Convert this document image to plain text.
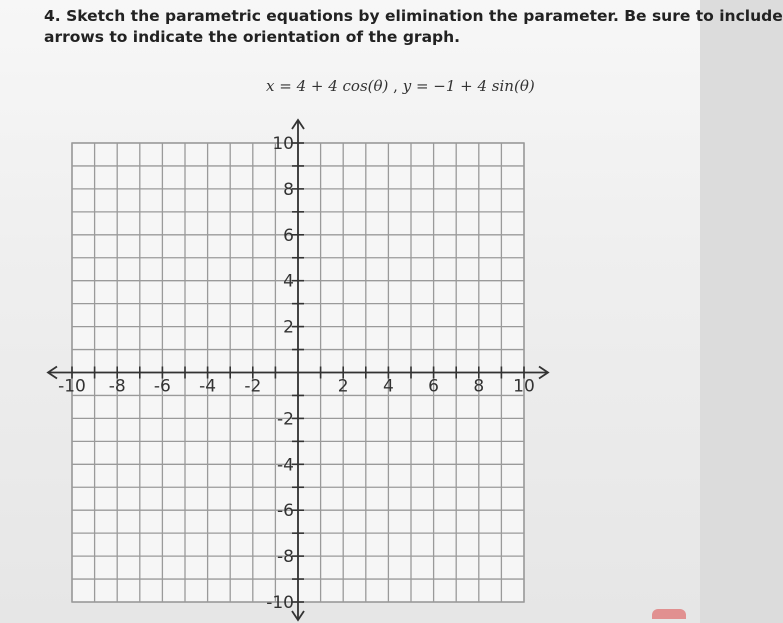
4. Sketch the parametric equations by elimination the parameter. Be sure to include
arrows to indicate the orientation of the graph.
x = 4 + 4 cos(θ) , y = −1 + 4 sin(θ)
-10 -8 -6 -4 -2	2 4 6 8 10
10
8
6
4
2
-2
-4
-6
-8
-10
